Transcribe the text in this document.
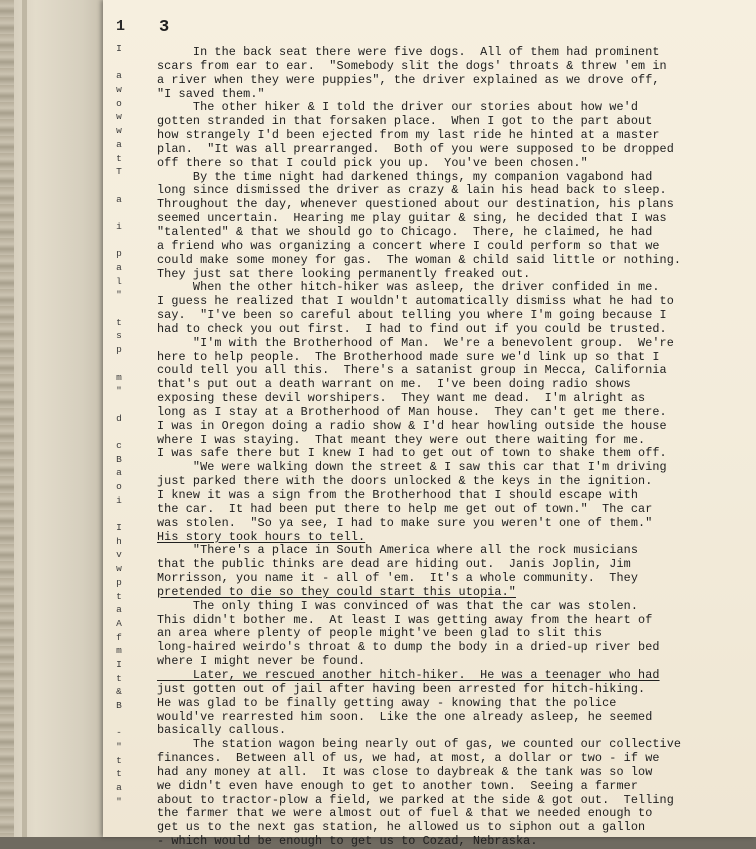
3
In the back seat there were five dogs.  All of them had prominent
scars from ear to ear.  "Somebody slit the dogs' throats & threw 'em in
a river when they were puppies", the driver explained as we drove off,
"I saved them."
The other hiker & I told the driver our stories about how we'd
gotten stranded in that forsaken place.  When I got to the part about
how strangely I'd been ejected from my last ride he hinted at a master
plan.  "It was all prearranged.  Both of you were supposed to be dropped
off there so that I could pick you up.  You've been chosen."
By the time night had darkened things, my companion vagabond had
long since dismissed the driver as crazy & lain his head back to sleep.
Throughout the day, whenever questioned about our destination, his plans
seemed uncertain.  Hearing me play guitar & sing, he decided that I was
"talented" & that we should go to Chicago.  There, he claimed, he had
a friend who was organizing a concert where I could perform so that we
could make some money for gas.  The woman & child said little or nothing.
They just sat there looking permanently freaked out.
When the other hitch-hiker was asleep, the driver confided in me.
I guess he realized that I wouldn't automatically dismiss what he had to
say.  "I've been so careful about telling you where I'm going because I
had to check you out first.  I had to find out if you could be trusted.
"I'm with the Brotherhood of Man.  We're a benevolent group.  We're
here to help people.  The Brotherhood made sure we'd link up so that I
could tell you all this.  There's a satanist group in Mecca, California
that's put out a death warrant on me.  I've been doing radio shows
exposing these devil worshipers.  They want me dead.  I'm alright as
long as I stay at a Brotherhood of Man house.  They can't get me there.
I was in Oregon doing a radio show & I'd hear howling outside the house
where I was staying.  That meant they were out there waiting for me.
I was safe there but I knew I had to get out of town to shake them off.
"We were walking down the street & I saw this car that I'm driving
just parked there with the doors unlocked & the keys in the ignition.
I knew it was a sign from the Brotherhood that I should escape with
the car.  It had been put there to help me get out of town."  The car
was stolen.  "So ya see, I had to make sure you weren't one of them."
His story took hours to tell.
"There's a place in South America where all the rock musicians
that the public thinks are dead are hiding out.  Janis Joplin, Jim
Morrisson, you name it - all of 'em.  It's a whole community.  They
pretended to die so they could start this utopia."
The only thing I was convinced of was that the car was stolen.
This didn't bother me.  At least I was getting away from the heart of
an area where plenty of people might've been glad to slit this
long-haired weirdo's throat & to dump the body in a dried-up river bed
where I might never be found.
Later, we rescued another hitch-hiker.  He was a teenager who had
just gotten out of jail after having been arrested for hitch-hiking.
He was glad to be finally getting away - knowing that the police
would've rearrested him soon.  Like the one already asleep, he seemed
basically callous.
The station wagon being nearly out of gas, we counted our collective
finances.  Between all of us, we had, at most, a dollar or two - if we
had any money at all.  It was close to daybreak & the tank was so low
we didn't even have enough to get to another town.  Seeing a farmer
about to tractor-plow a field, we parked at the side & got out.  Telling
the farmer that we were almost out of fuel & that we needed enough to
get us to the next gas station, he allowed us to siphon out a gallon
- which would be enough to get us to Cozad, Nebraska.
1
I
a
w
o
w
w
a
t
T
a
i
p
a
l
"
t
s
p
m
"
d
c
B
a
o
i
I
h
v
w
p
t
a
A
f
m
I
t
&
B
-
"
t
t
a
"
